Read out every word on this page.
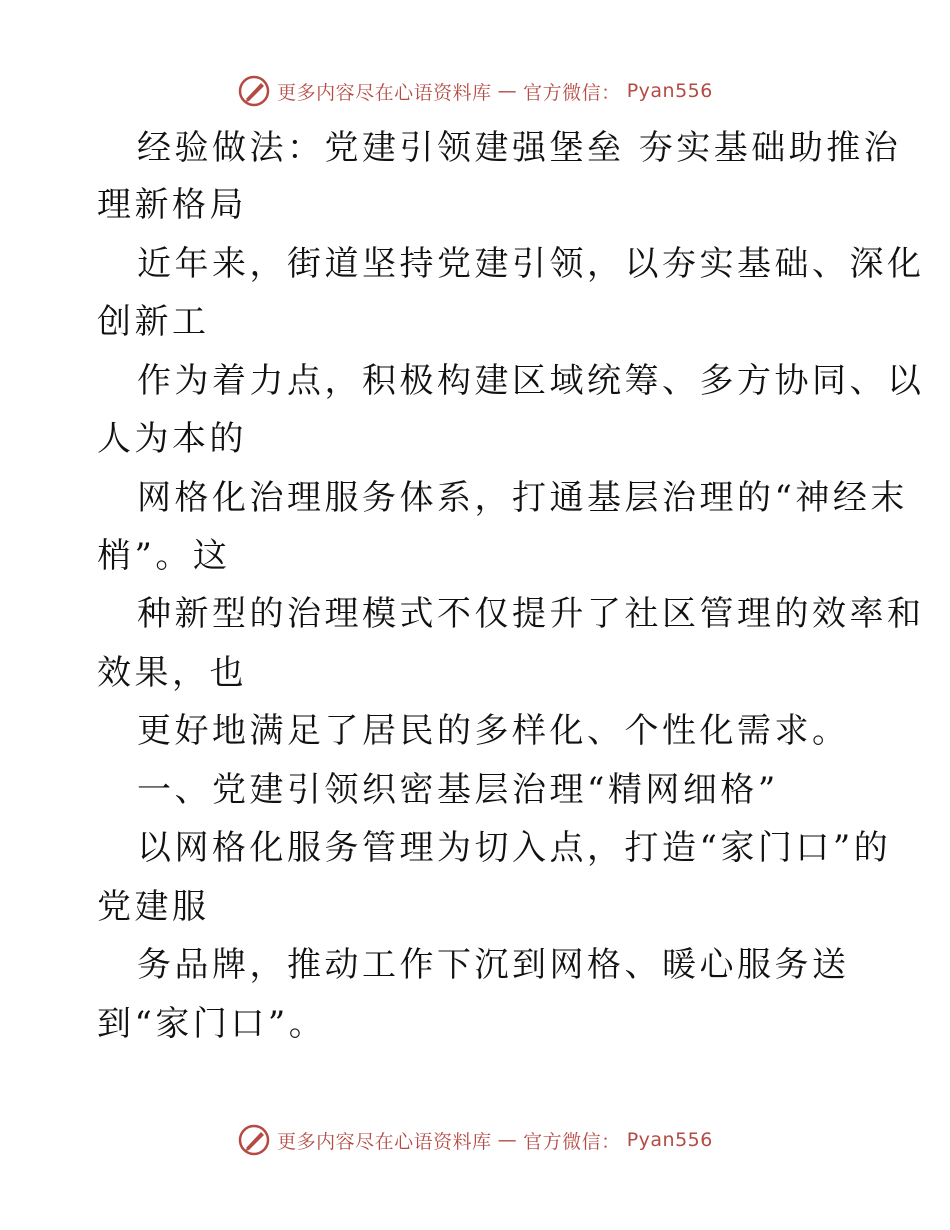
更多内容尽在心语资料库 — 官方微信： Pyan556
经验做法：党建引领建强堡垒 夯实基础助推治
理新格局
近年来，街道坚持党建引领，以夯实基础、深化
创新工
作为着力点，积极构建区域统筹、多方协同、以
人为本的
网格化治理服务体系，打通基层治理的“神经末
梢”。这
种新型的治理模式不仅提升了社区管理的效率和
效果，也
更好地满足了居民的多样化、个性化需求。
一、党建引领织密基层治理“精网细格”
以网格化服务管理为切入点，打造“家门口”的
党建服
务品牌，推动工作下沉到网格、暖心服务送
到“家门口”。
更多内容尽在心语资料库 — 官方微信： Pyan556
